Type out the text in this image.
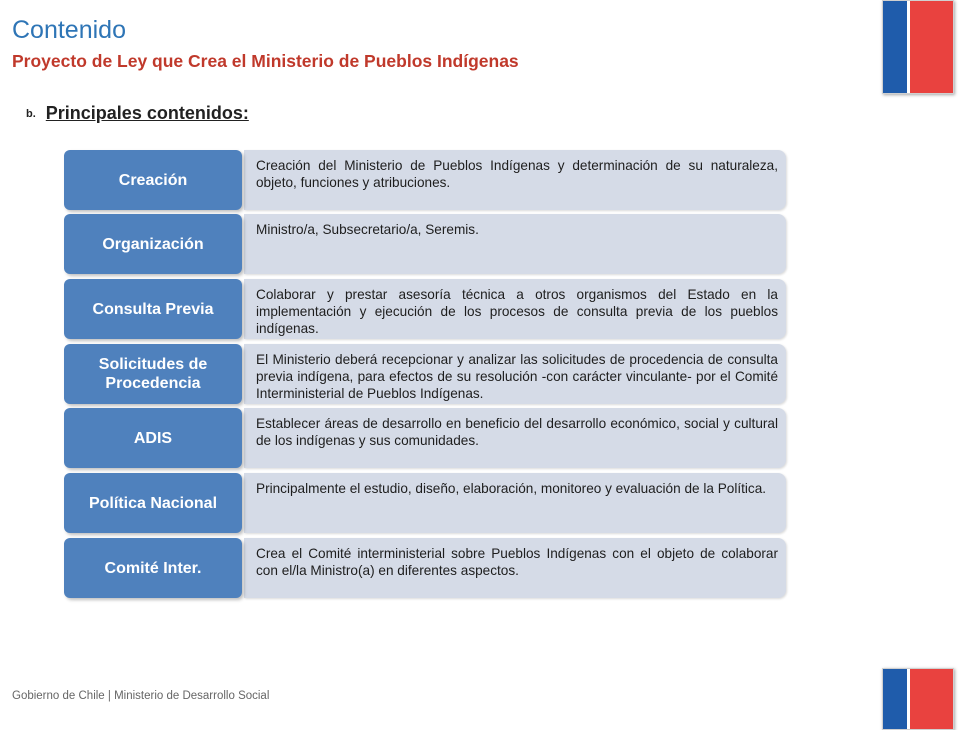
Contenido
Proyecto de Ley que Crea el Ministerio de Pueblos Indígenas
b. Principales contenidos:
Creación del Ministerio de Pueblos Indígenas y determinación de su naturaleza, objeto, funciones y atribuciones.
Creación
Ministro/a, Subsecretario/a, Seremis.
Organización
Colaborar y prestar asesoría técnica a otros organismos del Estado en la implementación y ejecución de los procesos de consulta previa de los pueblos indígenas.
Consulta Previa
El Ministerio deberá recepcionar y analizar las solicitudes de procedencia de consulta previa indígena, para efectos de su resolución -con carácter vinculante- por el Comité Interministerial de Pueblos Indígenas.
Solicitudes de Procedencia
Establecer áreas de desarrollo en beneficio del desarrollo económico, social y cultural de los indígenas y sus comunidades.
ADIS
Principalmente el estudio, diseño, elaboración, monitoreo y evaluación de la Política.
Política Nacional
Crea el Comité interministerial sobre Pueblos Indígenas con el objeto de colaborar con el/la Ministro(a) en diferentes aspectos.
Comité Inter.
Gobierno de Chile | Ministerio de Desarrollo Social
